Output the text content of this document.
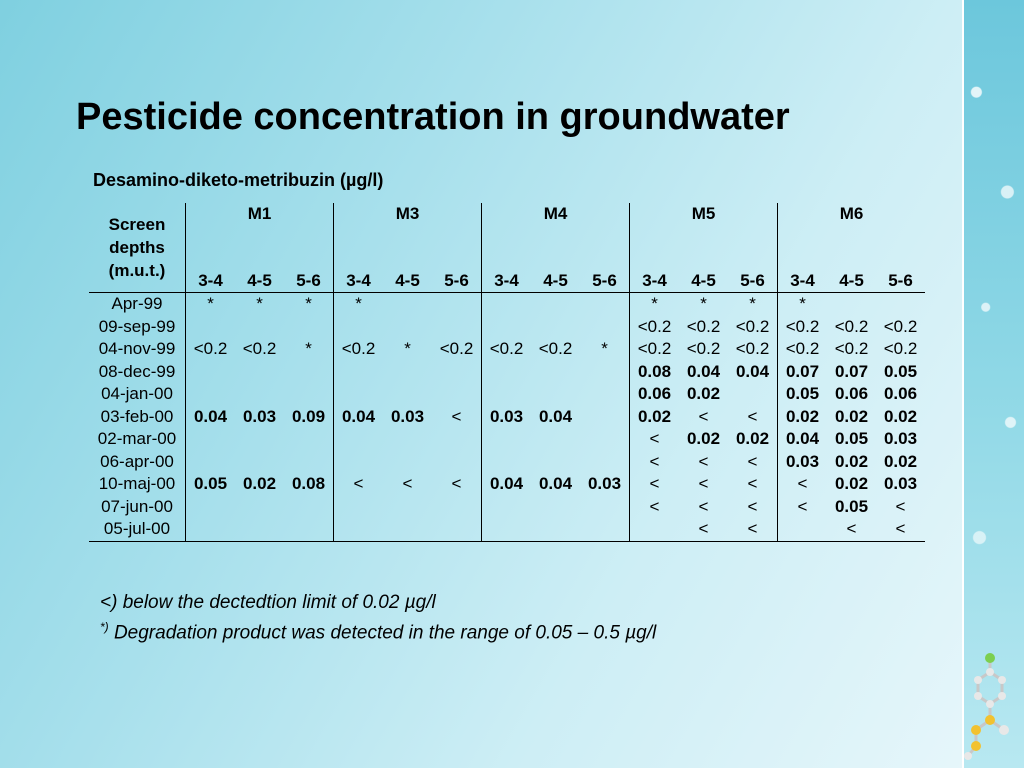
Pesticide concentration in groundwater
Desamino-diketo-metribuzin (µg/l)
Screen
depths
(m.u.t.)	M1			M3			M4			M5			M6		

	3-4	4-5	5-6	3-4	4-5	5-6	3-4	4-5	5-6	3-4	4-5	5-6	3-4	4-5	5-6
Apr-99	*	*	*	*						*	*	*	*		
09-sep-99										<0.2	<0.2	<0.2	<0.2	<0.2	<0.2
04-nov-99	<0.2	<0.2	*	<0.2	*	<0.2	<0.2	<0.2	*	<0.2	<0.2	<0.2	<0.2	<0.2	<0.2
08-dec-99										0.08	0.04	0.04	0.07	0.07	0.05
04-jan-00										0.06	0.02		0.05	0.06	0.06
03-feb-00	0.04	0.03	0.09	0.04	0.03	<	0.03	0.04		0.02	<	<	0.02	0.02	0.02
02-mar-00										<	0.02	0.02	0.04	0.05	0.03
06-apr-00										<	<	<	0.03	0.02	0.02
10-maj-00	0.05	0.02	0.08	<	<	<	0.04	0.04	0.03	<	<	<	<	0.02	0.03
07-jun-00										<	<	<	<	0.05	<
05-jul-00											<	<		<	<
<) below the dectedtion limit of 0.02 µg/l
*) Degradation product was detected in the range of 0.05 – 0.5 µg/l
